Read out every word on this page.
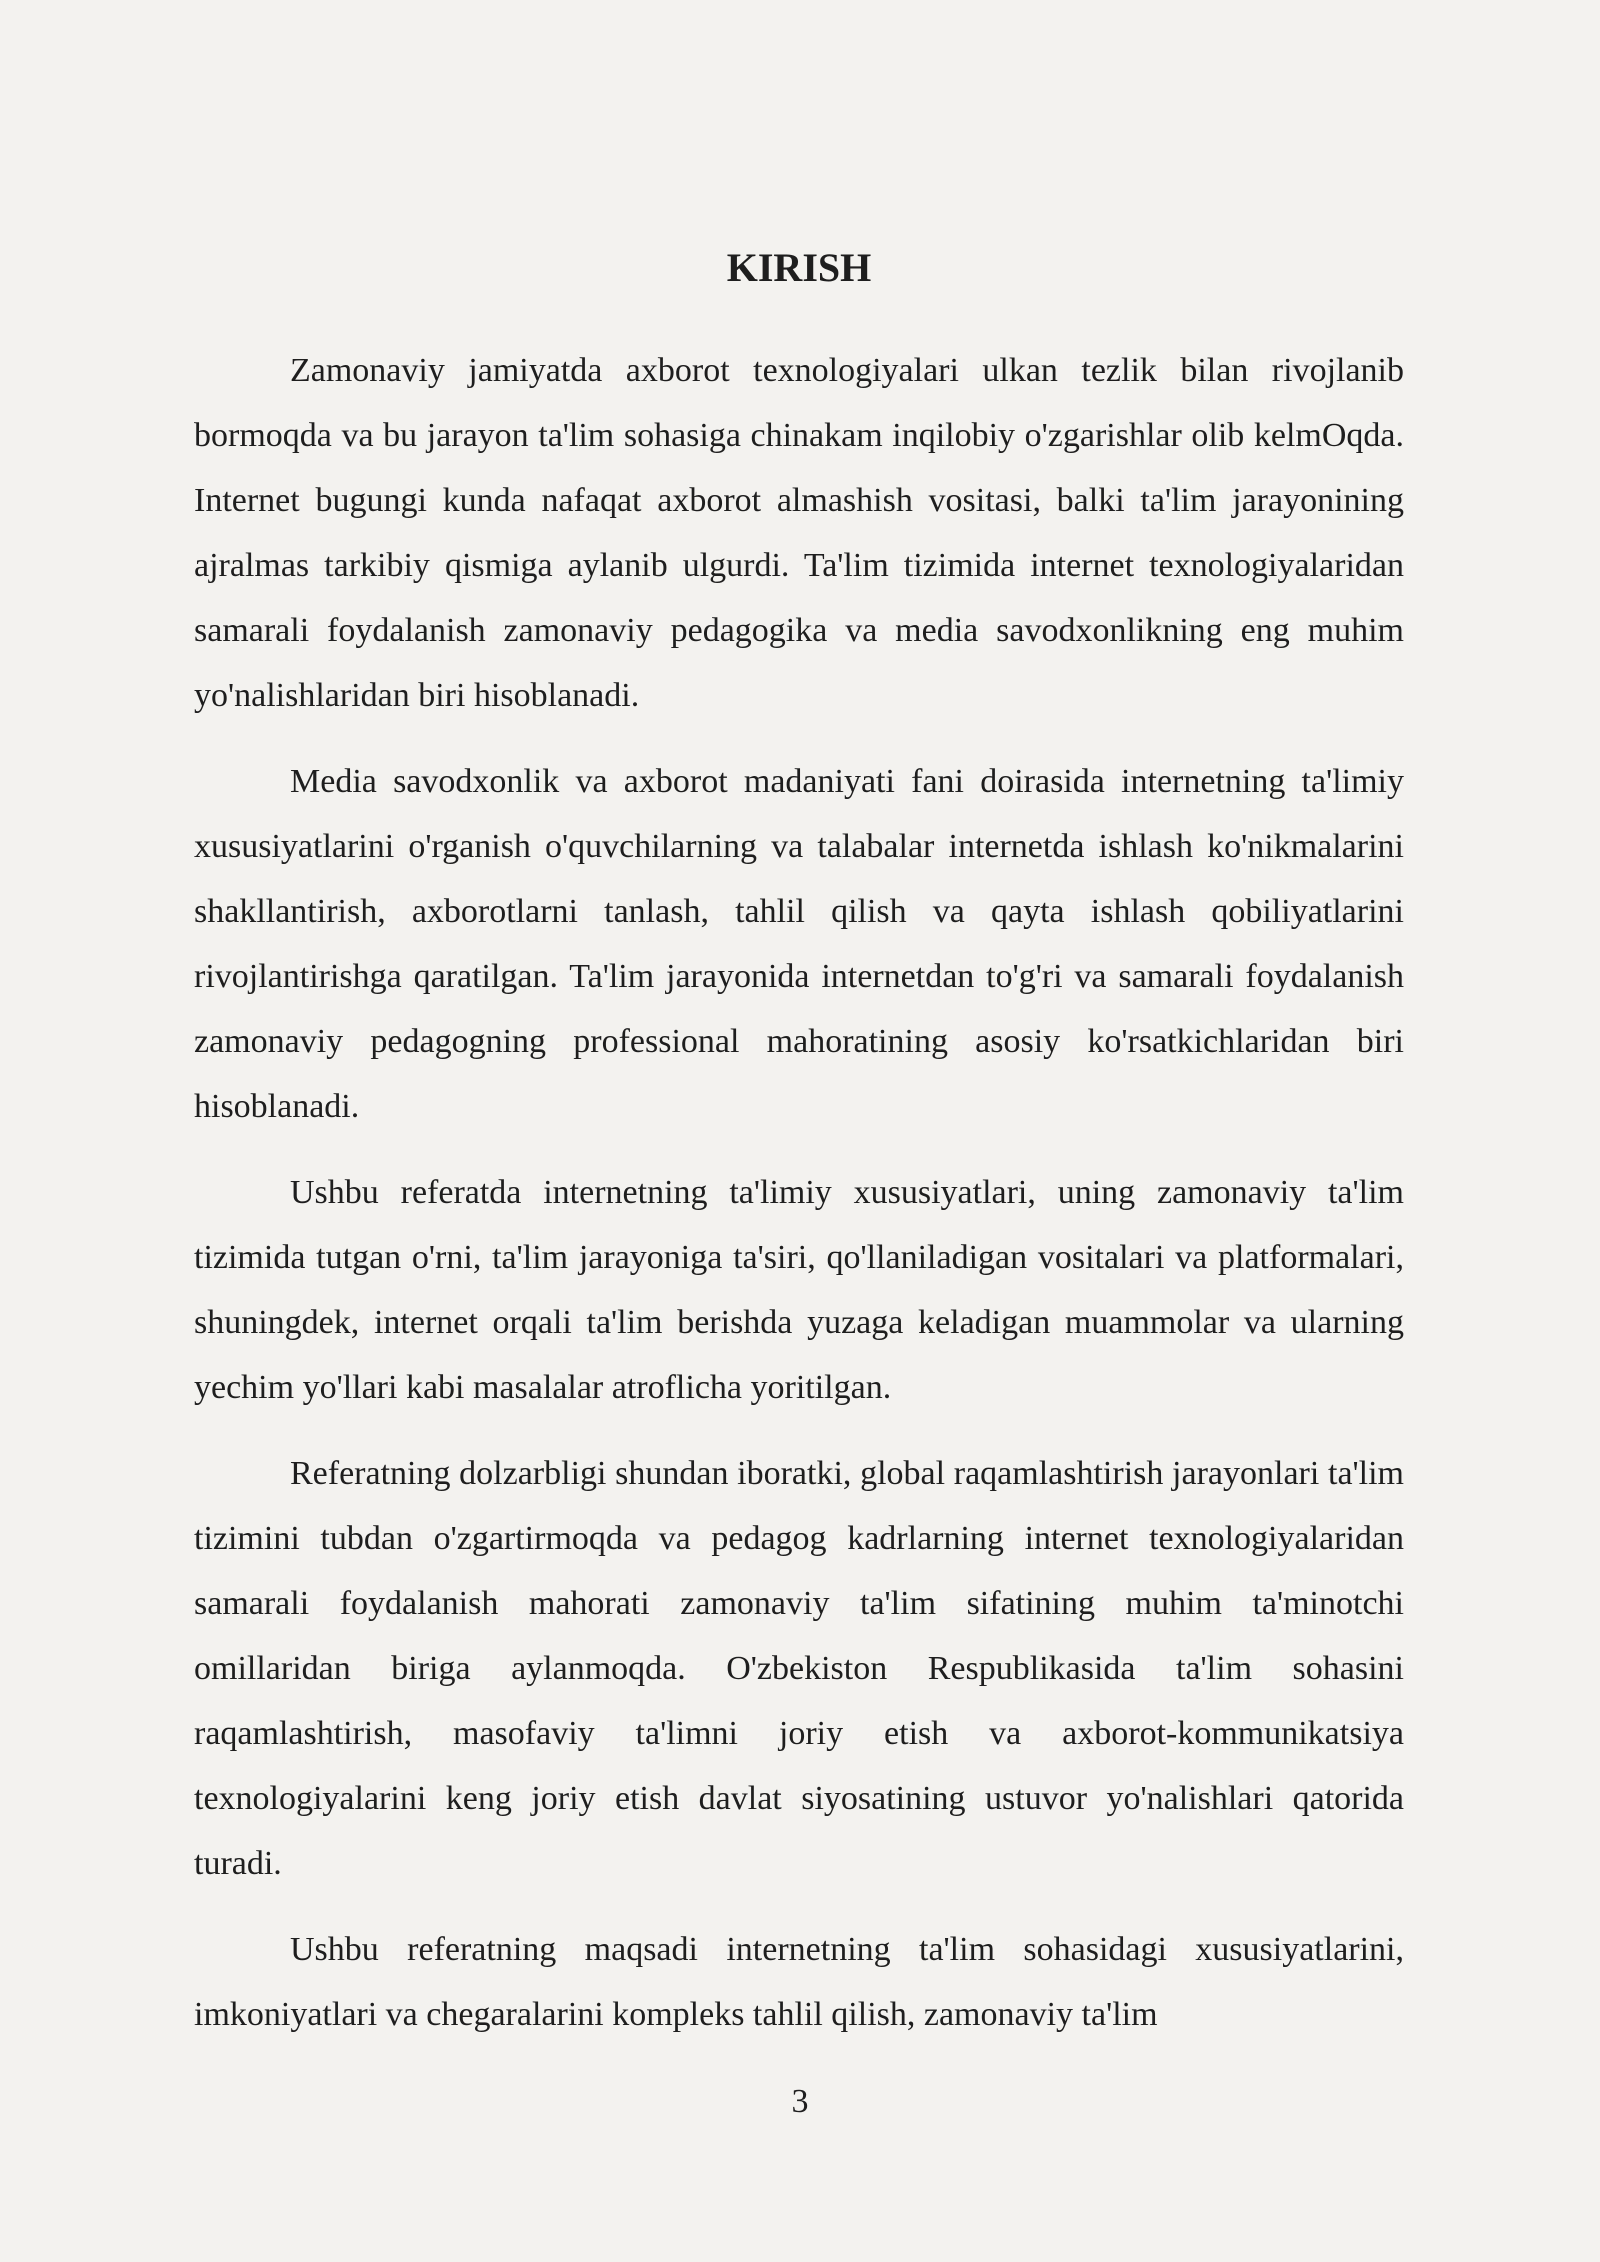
KIRISH

Zamonaviy jamiyatda axborot texnologiyalari ulkan tezlik bilan rivojlanib bormoqda va bu jarayon ta'lim sohasiga chinakam inqilobiy o'zgarishlar olib kelmOqda. Internet bugungi kunda nafaqat axborot almashish vositasi, balki ta'lim jarayonining ajralmas tarkibiy qismiga aylanib ulgurdi. Ta'lim tizimida internet texnologiyalaridan samarali foydalanish zamonaviy pedagogika va media savodxonlikning eng muhim yo'nalishlaridan biri hisoblanadi.

Media savodxonlik va axborot madaniyati fani doirasida internetning ta'limiy xususiyatlarini o'rganish o'quvchilarning va talabalar internetda ishlash ko'nikmalarini shakllantirish, axborotlarni tanlash, tahlil qilish va qayta ishlash qobiliyatlarini rivojlantirishga qaratilgan. Ta'lim jarayonida internetdan to'g'ri va samarali foydalanish zamonaviy pedagogning professional mahoratining asosiy ko'rsatkichlaridan biri hisoblanadi.

Ushbu referatda internetning ta'limiy xususiyatlari, uning zamonaviy ta'lim tizimida tutgan o'rni, ta'lim jarayoniga ta'siri, qo'llaniladigan vositalari va platformalari, shuningdek, internet orqali ta'lim berishda yuzaga keladigan muammolar va ularning yechim yo'llari kabi masalalar atroflicha yoritilgan.

Referatning dolzarbligi shundan iboratki, global raqamlashtirish jarayonlari ta'lim tizimini tubdan o'zgartirmoqda va pedagog kadrlarning internet texnologiyalaridan samarali foydalanish mahorati zamonaviy ta'lim sifatining muhim ta'minotchi omillaridan biriga aylanmoqda. O'zbekiston Respublikasida ta'lim sohasini raqamlashtirish, masofaviy ta'limni joriy etish va axborot-kommunikatsiya texnologiyalarini keng joriy etish davlat siyosatining ustuvor yo'nalishlari qatorida turadi.

Ushbu referatning maqsadi internetning ta'lim sohasidagi xususiyatlarini, imkoniyatlari va chegaralarini kompleks tahlil qilish, zamonaviy ta'lim

3
